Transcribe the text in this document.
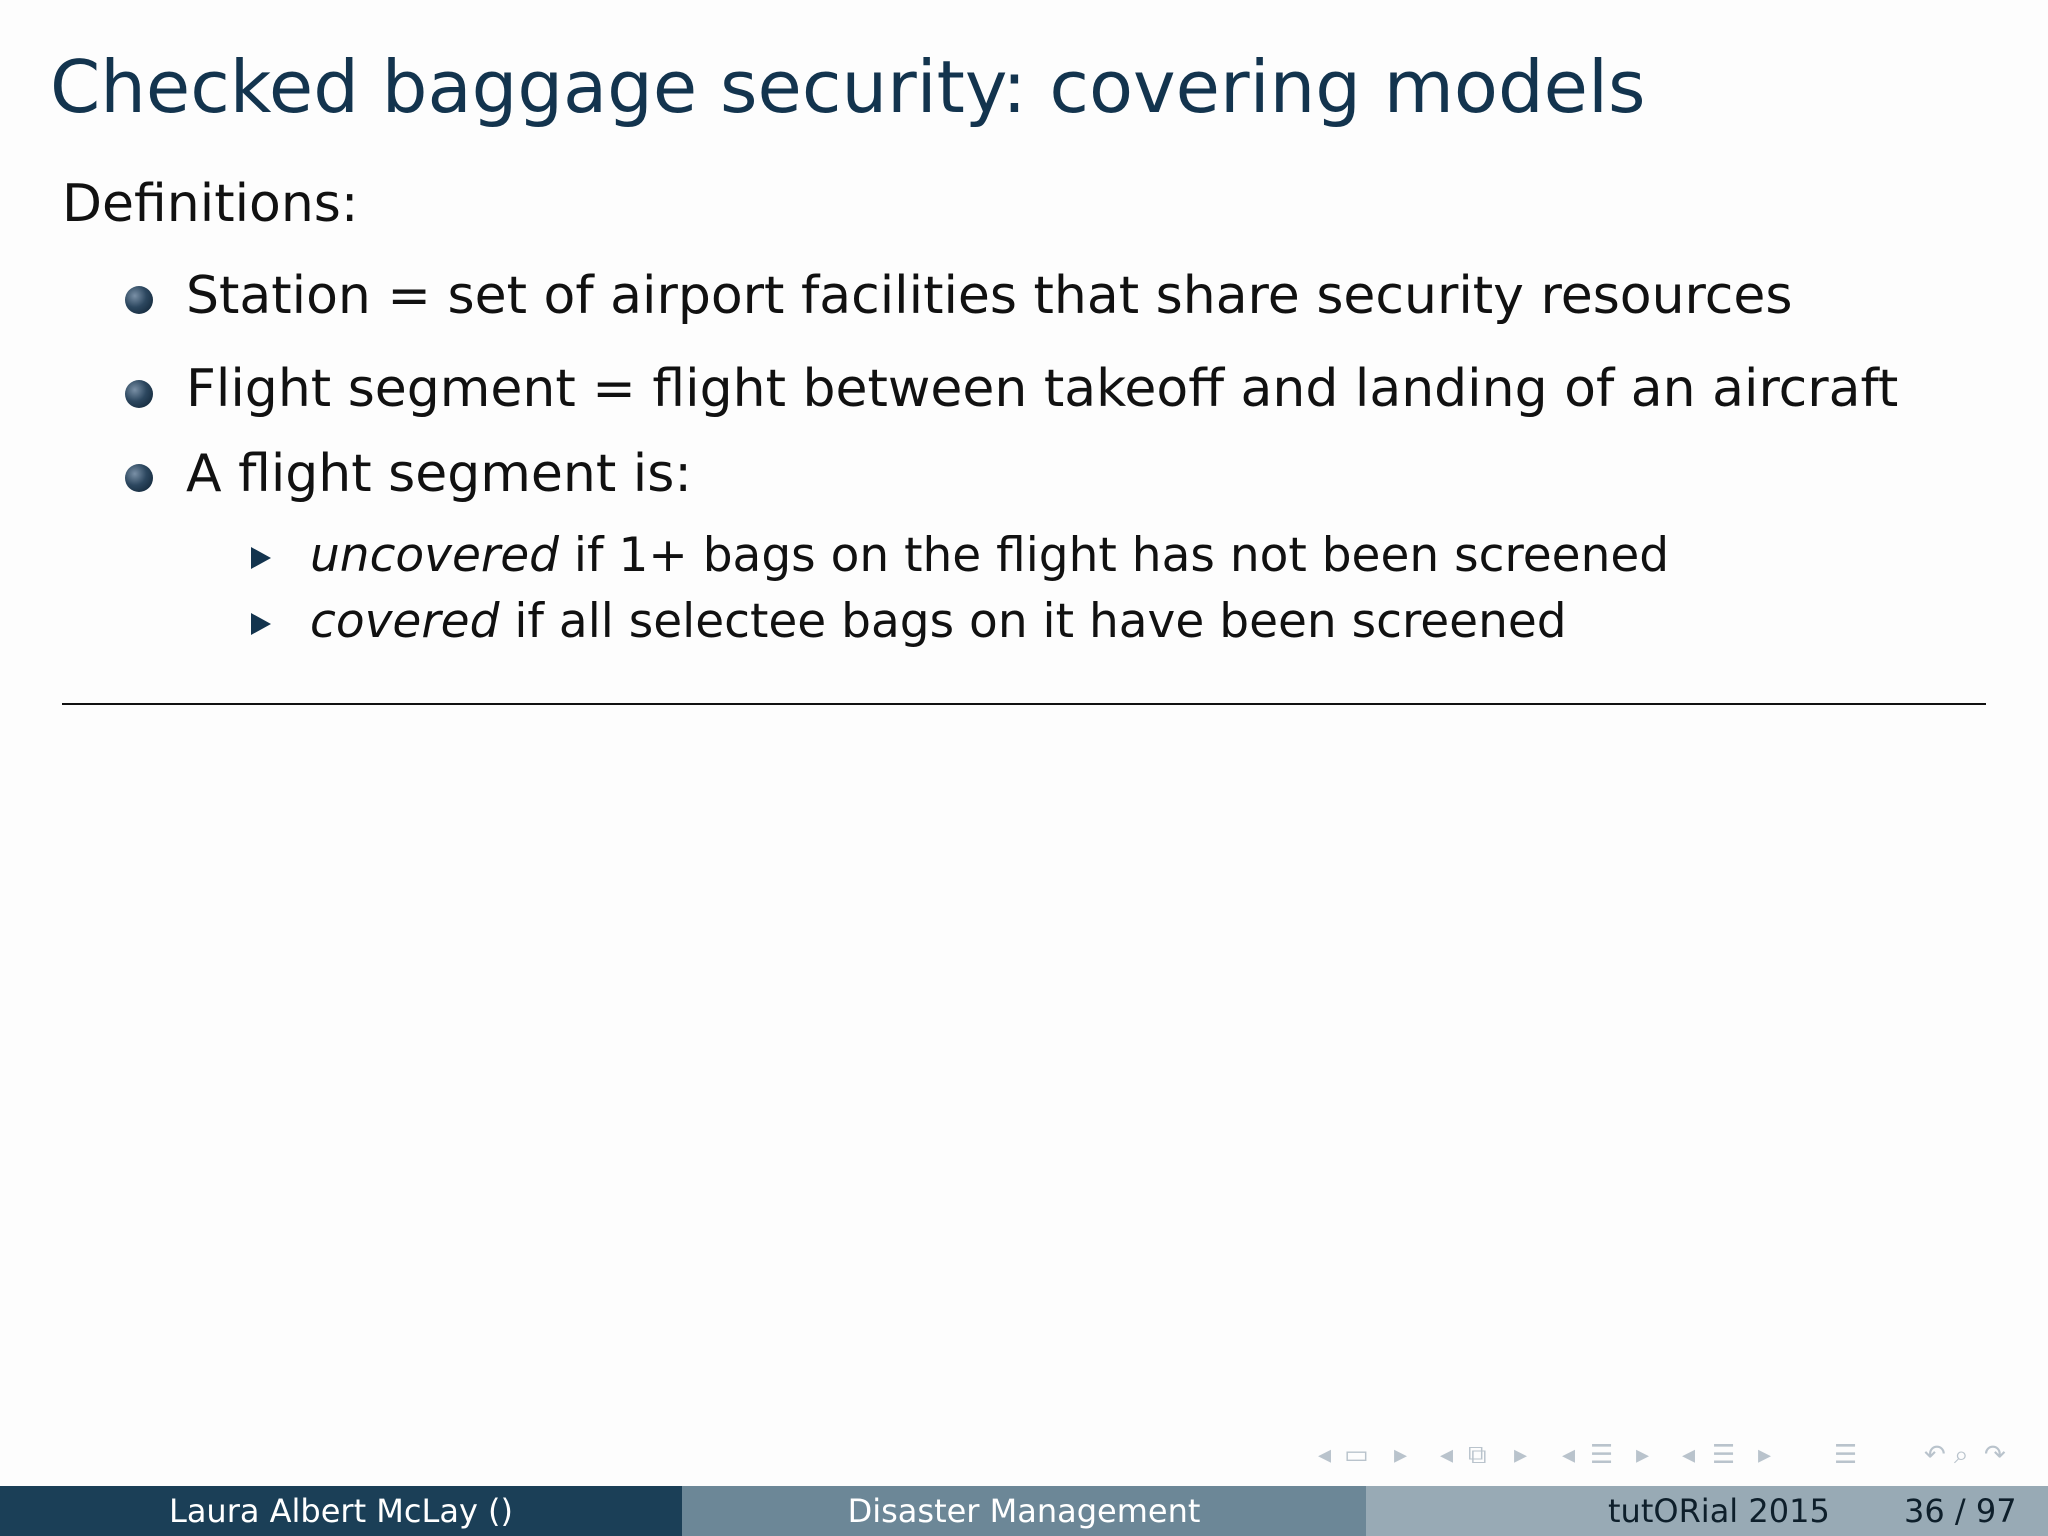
Checked baggage security: covering models
Definitions:
Station = set of airport facilities that share security resources
Flight segment = flight between takeoff and landing of an aircraft
A flight segment is:
uncovered if 1+ bags on the flight has not been screened
covered if all selectee bags on it have been screened
◂ ▭ ▸ ◂ ⧉ ▸ ◂ ☰ ▸ ◂ ☰ ▸ ☰	↶ ⌕ ↷
Laura Albert McLay ()	Disaster Management	tutORial 2015 36 / 97
